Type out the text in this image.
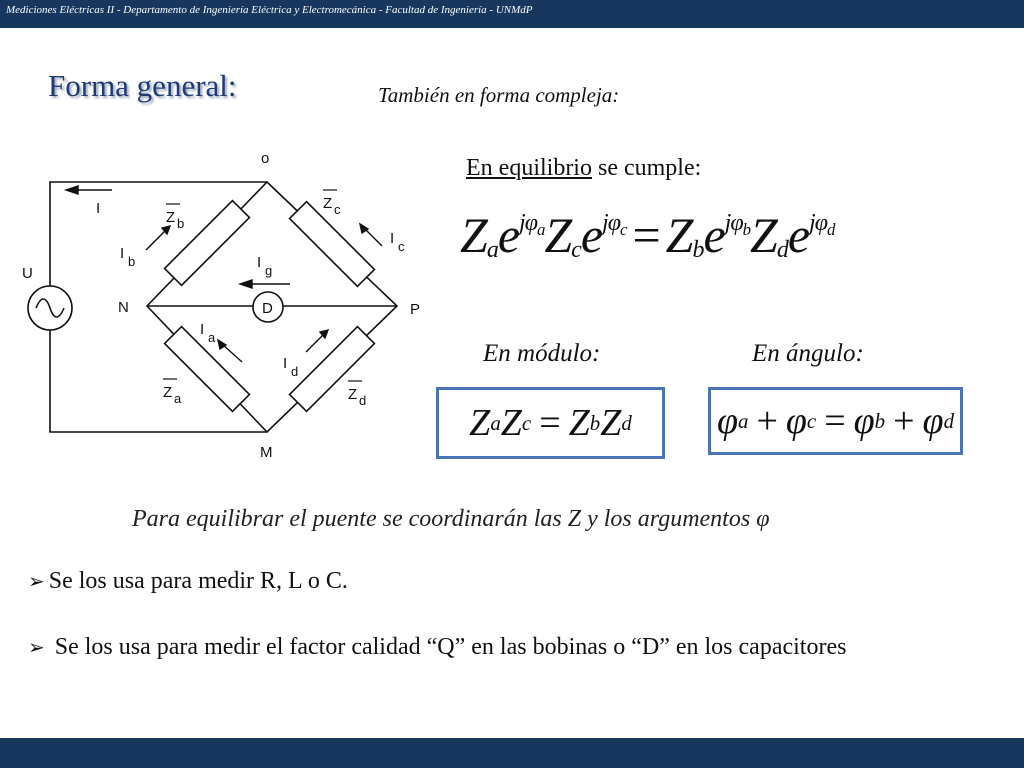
Mediciones Eléctricas II - Departamento de Ingeniería Eléctrica y Electromecánica - Facultad de Ingeniería - UNMdP
Forma general:	También en forma compleja:
En equilibrio se cumple:
$Z_ae^{j\varphi_a}Z_ce^{j\varphi_c} = Z_be^{j\varphi_b}Z_de^{j\varphi_d}$
En módulo:	En ángulo:
Z a Z c = Z b Z d φ a + φ c = φ b + φ d
D
o
N	P
M
U
I
I b
I c
I g
I a
I d
Z b
Z c
Z a	Z d
Para equilibrar el puente se coordinarán las Z y los argumentos φ
➢ Se los usa para medir R, L o C.
➢ Se los usa para medir el factor calidad “Q” en las bobinas o “D” en los capacitores
